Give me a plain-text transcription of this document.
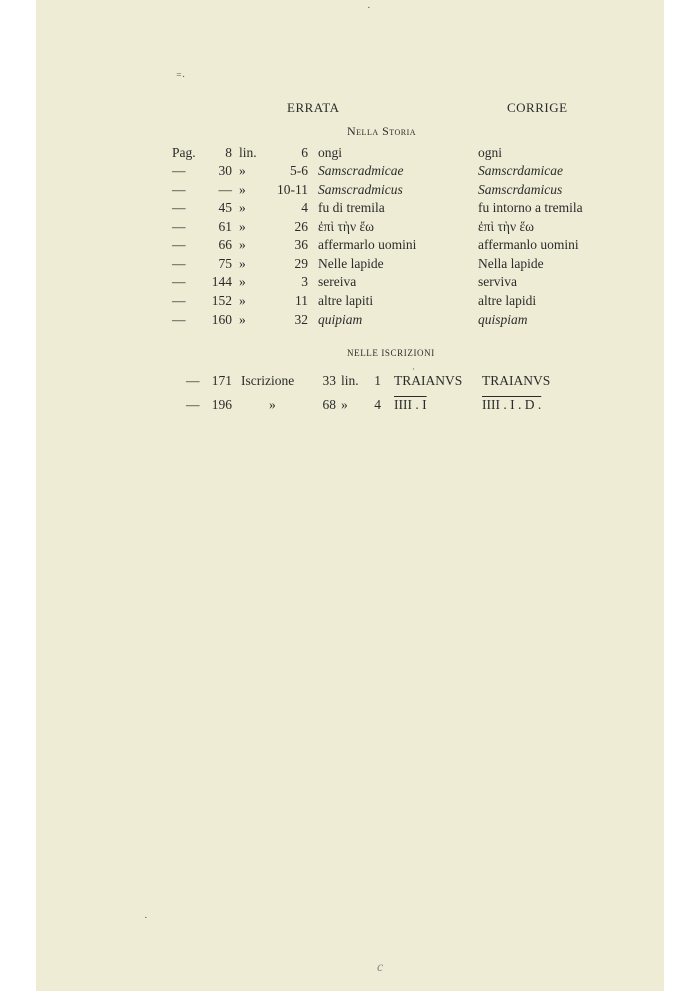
·
⁼·
·
ERRATA	CORRIGE
Nella Storia
Pag.	8 lin.	6 ongi	ogni
—	30 »	5-6 Samscradmicae	Samscrdamicae
—	— »	10-11 Samscradmicus	Samscrdamicus
—	45 »	4 fu di tremila	fu intorno a tremila
—	61 »	26 ἐπὶ τὴν ἔω	ἐπὶ τὴν ἕω
—	66 »	36 affermarlo uomini	affermanlo uomini
—	75 »	29 Nelle lapide	Nella lapide
—	144 »	3 sereiva	serviva
—	152 »	11 altre lapiti	altre lapidi
—	160 »	32 quipiam	quispiam
NELLE ISCRIZIONI
·
— 171 Iscrizione	33 lin. 1 TRAIANVS TRAIANVS
— 196	»	68 » 4 IIII . I	IIII . I . D .
c
